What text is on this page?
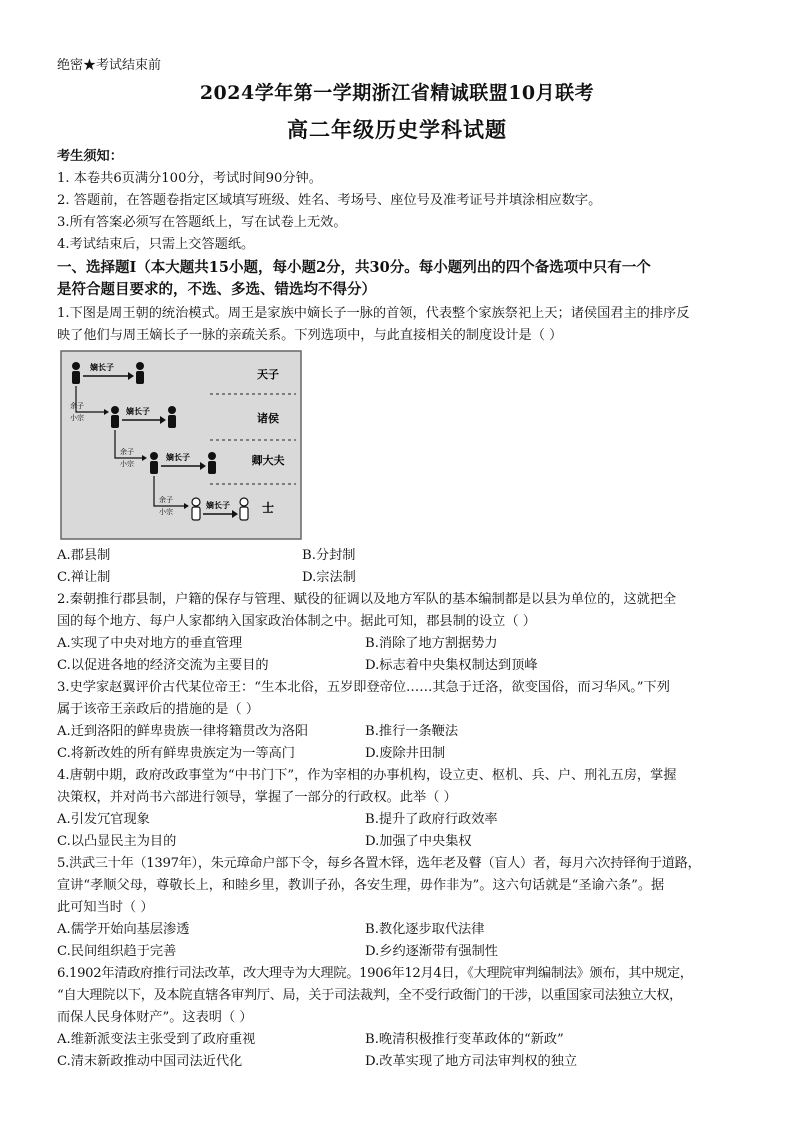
绝密★考试结束前
2024学年第一学期浙江省精诚联盟10月联考
高二年级历史学科试题
考生须知：
1. 本卷共6页满分100分，考试时间90分钟。
2. 答题前，在答题卷指定区域填写班级、姓名、考场号、座位号及准考证号并填涂相应数字。
3.所有答案必须写在答题纸上，写在试卷上无效。
4.考试结束后，只需上交答题纸。
一、选择题Ⅰ（本大题共15小题，每小题2分，共30分。每小题列出的四个备选项中只有一个
是符合题目要求的，不选、多选、错选均不得分）
1.下图是周王朝的统治模式。周王是家族中嫡长子一脉的首领，代表整个家族祭祀上天；诸侯国君主的排序反
映了他们与周王嫡长子一脉的亲疏关系。下列选项中，与此直接相关的制度设计是（ ）
天子
诸侯
卿大夫
士
嫡长子
余子
小宗
嫡长子
余子
小宗
嫡长子
余子
小宗
嫡长子
A.郡县制	B.分封制
C.禅让制	D.宗法制
2.秦朝推行郡县制，户籍的保存与管理、赋役的征调以及地方军队的基本编制都是以县为单位的，这就把全
国的每个地方、每户人家都纳入国家政治体制之中。据此可知，郡县制的设立（ ）
A.实现了中央对地方的垂直管理	B.消除了地方割据势力
C.以促进各地的经济交流为主要目的	D.标志着中央集权制达到顶峰
3.史学家赵翼评价古代某位帝王：“生本北俗，五岁即登帝位……其急于迁洛，欲变国俗，而习华风。”下列
属于该帝王亲政后的措施的是（ ）
A.迁到洛阳的鲜卑贵族一律将籍贯改为洛阳	B.推行一条鞭法
C.将新改姓的所有鲜卑贵族定为一等高门	D.废除井田制
4.唐朝中期，政府改政事堂为“中书门下”，作为宰相的办事机构，设立吏、枢机、兵、户、刑礼五房，掌握
决策权，并对尚书六部进行领导，掌握了一部分的行政权。此举（ ）
A.引发冗官现象	B.提升了政府行政效率
C.以凸显民主为目的	D.加强了中央集权
5.洪武三十年（1397年），朱元璋命户部下令，每乡各置木铎，选年老及瞽（盲人）者，每月六次持铎徇于道路，
宣讲“孝顺父母，尊敬长上，和睦乡里，教训子孙，各安生理，毋作非为”。这六句话就是“圣谕六条”。据
此可知当时（ ）
A.儒学开始向基层渗透	B.教化逐步取代法律
C.民间组织趋于完善	D.乡约逐渐带有强制性
6.1902年清政府推行司法改革，改大理寺为大理院。1906年12月4日，《大理院审判编制法》颁布，其中规定，
“自大理院以下，及本院直辖各审判厅、局，关于司法裁判，全不受行政衙门的干涉，以重国家司法独立大权，
而保人民身体财产”。这表明（ ）
A.维新派变法主张受到了政府重视	B.晚清积极推行变革政体的“新政”
C.清末新政推动中国司法近代化	D.改革实现了地方司法审判权的独立
